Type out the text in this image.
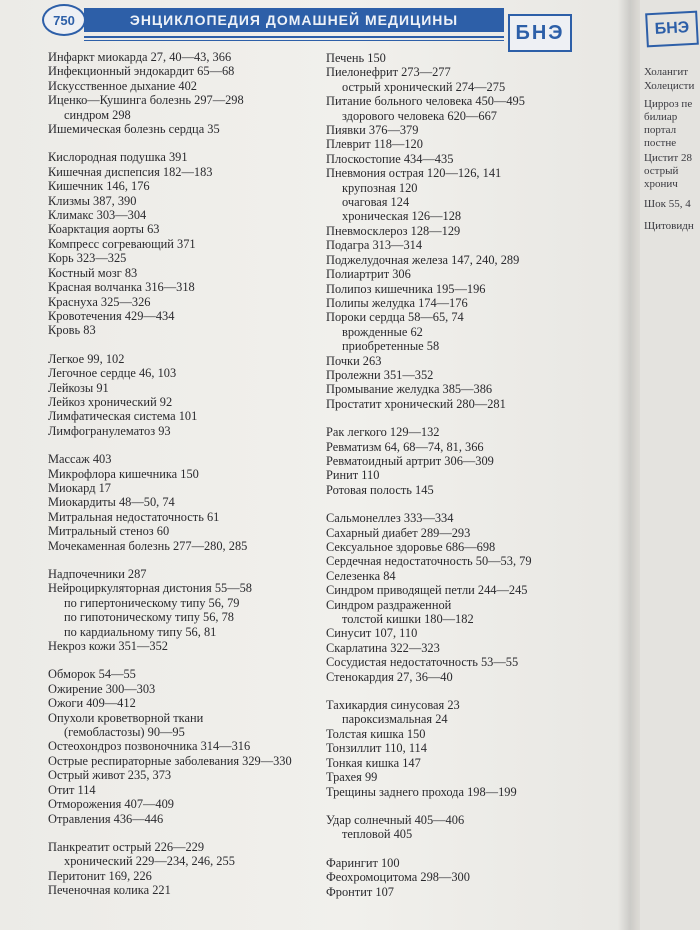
750	ЭНЦИКЛОПЕДИЯ ДОМАШНЕЙ МЕДИЦИНЫ
БНЭ
Инфаркт миокарда 27, 40—43, 366
Инфекционный эндокардит 65—68
Искусственное дыхание 402
Иценко—Кушинга болезнь 297—298
синдром 298
Ишемическая болезнь сердца 35
Кислородная подушка 391
Кишечная диспепсия 182—183
Кишечник 146, 176
Клизмы 387, 390
Климакс 303—304
Коарктация аорты 63
Компресс согревающий 371
Корь 323—325
Костный мозг 83
Красная волчанка 316—318
Краснуха 325—326
Кровотечения 429—434
Кровь 83
Легкое 99, 102
Легочное сердце 46, 103
Лейкозы 91
Лейкоз хронический 92
Лимфатическая система 101
Лимфогранулематоз 93
Массаж 403
Микрофлора кишечника 150
Миокард 17
Миокардиты 48—50, 74
Митральная недостаточность 61
Митральный стеноз 60
Мочекаменная болезнь 277—280, 285
Надпочечники 287
Нейроциркуляторная дистония 55—58
по гипертоническому типу 56, 79
по гипотоническому типу 56, 78
по кардиальному типу 56, 81
Некроз кожи 351—352
Обморок 54—55
Ожирение 300—303
Ожоги 409—412
Опухоли кроветворной ткани
(гемобластозы) 90—95
Остеохондроз позвоночника 314—316
Острые респираторные заболевания 329—330
Острый живот 235, 373
Отит 114
Отморожения 407—409
Отравления 436—446
Панкреатит острый 226—229
хронический 229—234, 246, 255
Перитонит 169, 226
Печеночная колика 221
Печень 150
Пиелонефрит 273—277
острый хронический 274—275
Питание больного человека 450—495
здорового человека 620—667
Пиявки 376—379
Плеврит 118—120
Плоскостопие 434—435
Пневмония острая 120—126, 141
крупозная 120
очаговая 124
хроническая 126—128
Пневмосклероз 128—129
Подагра 313—314
Поджелудочная железа 147, 240, 289
Полиартрит 306
Полипоз кишечника 195—196
Полипы желудка 174—176
Пороки сердца 58—65, 74
врожденные 62
приобретенные 58
Почки 263
Пролежни 351—352
Промывание желудка 385—386
Простатит хронический 280—281
Рак легкого 129—132
Ревматизм 64, 68—74, 81, 366
Ревматоидный артрит 306—309
Ринит 110
Ротовая полость 145
Сальмонеллез 333—334
Сахарный диабет 289—293
Сексуальное здоровье 686—698
Сердечная недостаточность 50—53, 79
Селезенка 84
Синдром приводящей петли 244—245
Синдром раздраженной
толстой кишки 180—182
Синусит 107, 110
Скарлатина 322—323
Сосудистая недостаточность 53—55
Стенокардия 27, 36—40
Тахикардия синусовая 23
пароксизмальная 24
Толстая кишка 150
Тонзиллит 110, 114
Тонкая кишка 147
Трахея 99
Трещины заднего прохода 198—199
Удар солнечный 405—406
тепловой 405
Фарингит 100
Феохромоцитома 298—300
Фронтит 107
БНЭ
Холангит
Холецисти
Цирроз пе
билиар
портал
постне
Цистит 28
острый
хронич
Шок 55, 4
Щитовидн
